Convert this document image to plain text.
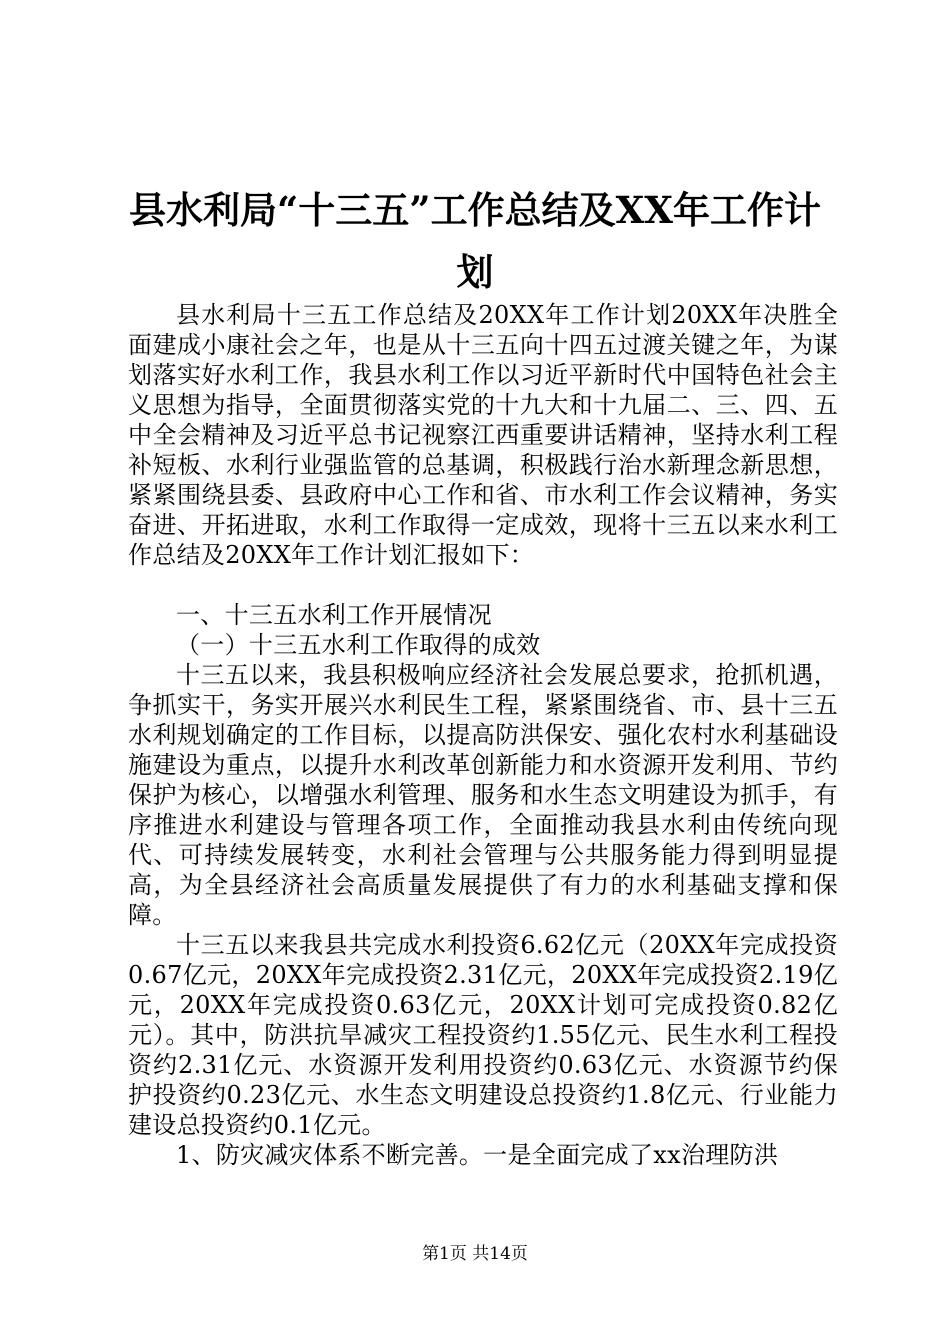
县水利局“十三五”工作总结及XX年工作计
划

县水利局十三五工作总结及20XX年工作计划20XX年决胜全面建成小康社会之年，也是从十三五向十四五过渡关键之年，为谋划落实好水利工作，我县水利工作以习近平新时代中国特色社会主义思想为指导，全面贯彻落实党的十九大和十九届二、三、四、五中全会精神及习近平总书记视察江西重要讲话精神，坚持水利工程补短板、水利行业强监管的总基调，积极践行治水新理念新思想，紧紧围绕县委、县政府中心工作和省、市水利工作会议精神，务实奋进、开拓进取，水利工作取得一定成效，现将十三五以来水利工作总结及20XX年工作计划汇报如下：

一、十三五水利工作开展情况

（一）十三五水利工作取得的成效

十三五以来，我县积极响应经济社会发展总要求，抢抓机遇，争抓实干，务实开展兴水利民生工程，紧紧围绕省、市、县十三五水利规划确定的工作目标，以提高防洪保安、强化农村水利基础设施建设为重点，以提升水利改革创新能力和水资源开发利用、节约保护为核心，以增强水利管理、服务和水生态文明建设为抓手，有序推进水利建设与管理各项工作，全面推动我县水利由传统向现代、可持续发展转变，水利社会管理与公共服务能力得到明显提高，为全县经济社会高质量发展提供了有力的水利基础支撑和保障。

十三五以来我县共完成水利投资6.62亿元（20XX年完成投资0.67亿元，20XX年完成投资2.31亿元，20XX年完成投资2.19亿元，20XX年完成投资0.63亿元，20XX计划可完成投资0.82亿元）。其中，防洪抗旱减灾工程投资约1.55亿元、民生水利工程投资约2.31亿元、水资源开发利用投资约0.63亿元、水资源节约保护投资约0.23亿元、水生态文明建设总投资约1.8亿元、行业能力建设总投资约0.1亿元。

1、防灾减灾体系不断完善。一是全面完成了xx治理防洪

第1页 共14页
